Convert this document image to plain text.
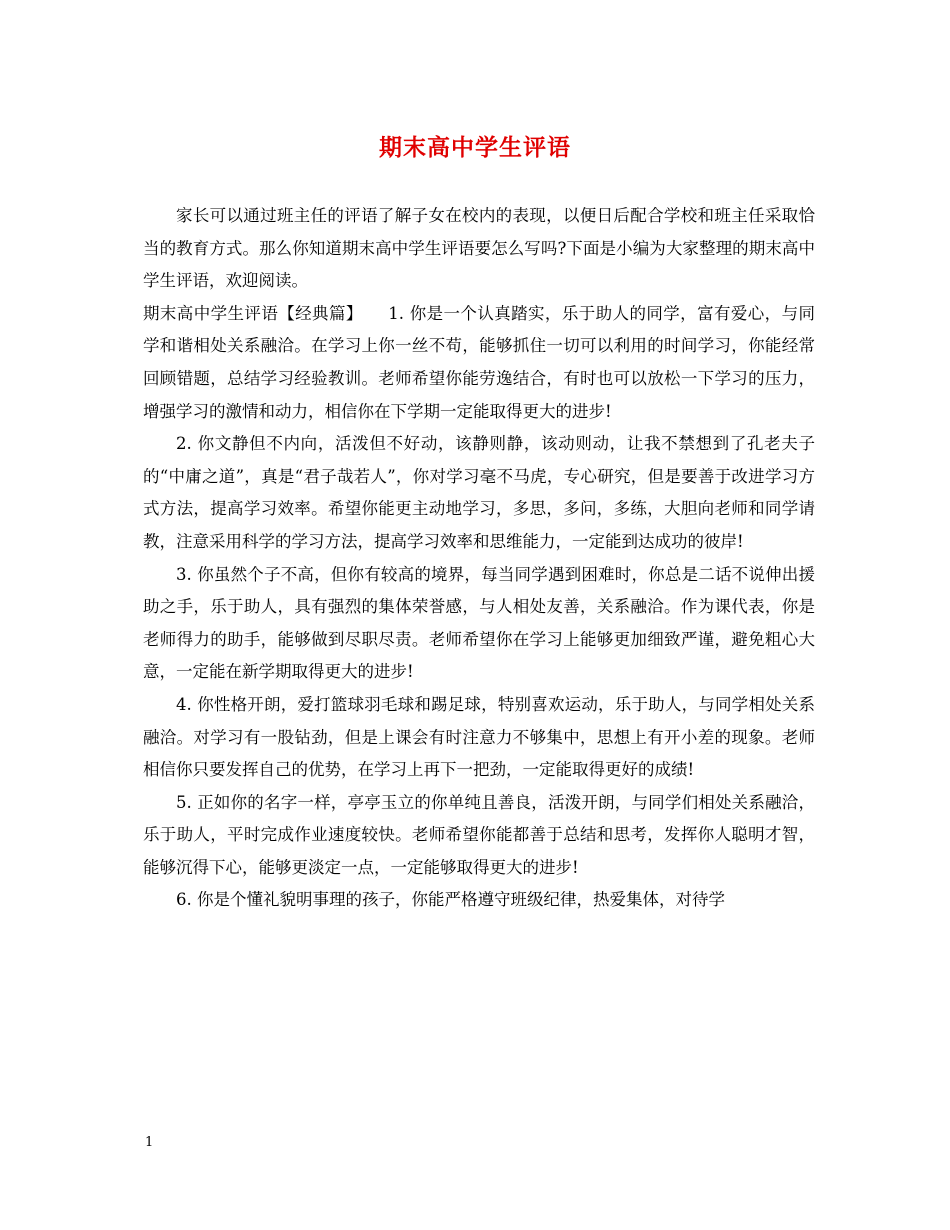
期末高中学生评语

家长可以通过班主任的评语了解子女在校内的表现，以便日后配合学校和班主任采取恰当的教育方式。那么你知道期末高中学生评语要怎么写吗?下面是小编为大家整理的期末高中学生评语，欢迎阅读。

期末高中学生评语【经典篇】　　1. 你是一个认真踏实，乐于助人的同学，富有爱心，与同学和谐相处关系融洽。在学习上你一丝不苟，能够抓住一切可以利用的时间学习，你能经常回顾错题，总结学习经验教训。老师希望你能劳逸结合，有时也可以放松一下学习的压力，增强学习的激情和动力，相信你在下学期一定能取得更大的进步!

2. 你文静但不内向，活泼但不好动，该静则静，该动则动，让我不禁想到了孔老夫子的“中庸之道”，真是“君子哉若人”，你对学习毫不马虎，专心研究，但是要善于改进学习方式方法，提高学习效率。希望你能更主动地学习，多思，多问，多练，大胆向老师和同学请教，注意采用科学的学习方法，提高学习效率和思维能力，一定能到达成功的彼岸!

3. 你虽然个子不高，但你有较高的境界，每当同学遇到困难时，你总是二话不说伸出援助之手，乐于助人，具有强烈的集体荣誉感，与人相处友善，关系融洽。作为课代表，你是老师得力的助手，能够做到尽职尽责。老师希望你在学习上能够更加细致严谨，避免粗心大意，一定能在新学期取得更大的进步!

4. 你性格开朗，爱打篮球羽毛球和踢足球，特别喜欢运动，乐于助人，与同学相处关系融洽。对学习有一股钻劲，但是上课会有时注意力不够集中，思想上有开小差的现象。老师相信你只要发挥自己的优势，在学习上再下一把劲，一定能取得更好的成绩!

5. 正如你的名字一样，亭亭玉立的你单纯且善良，活泼开朗，与同学们相处关系融洽，乐于助人，平时完成作业速度较快。老师希望你能都善于总结和思考，发挥你人聪明才智，能够沉得下心，能够更淡定一点，一定能够取得更大的进步!

6. 你是个懂礼貌明事理的孩子，你能严格遵守班级纪律，热爱集体，对待学

1
